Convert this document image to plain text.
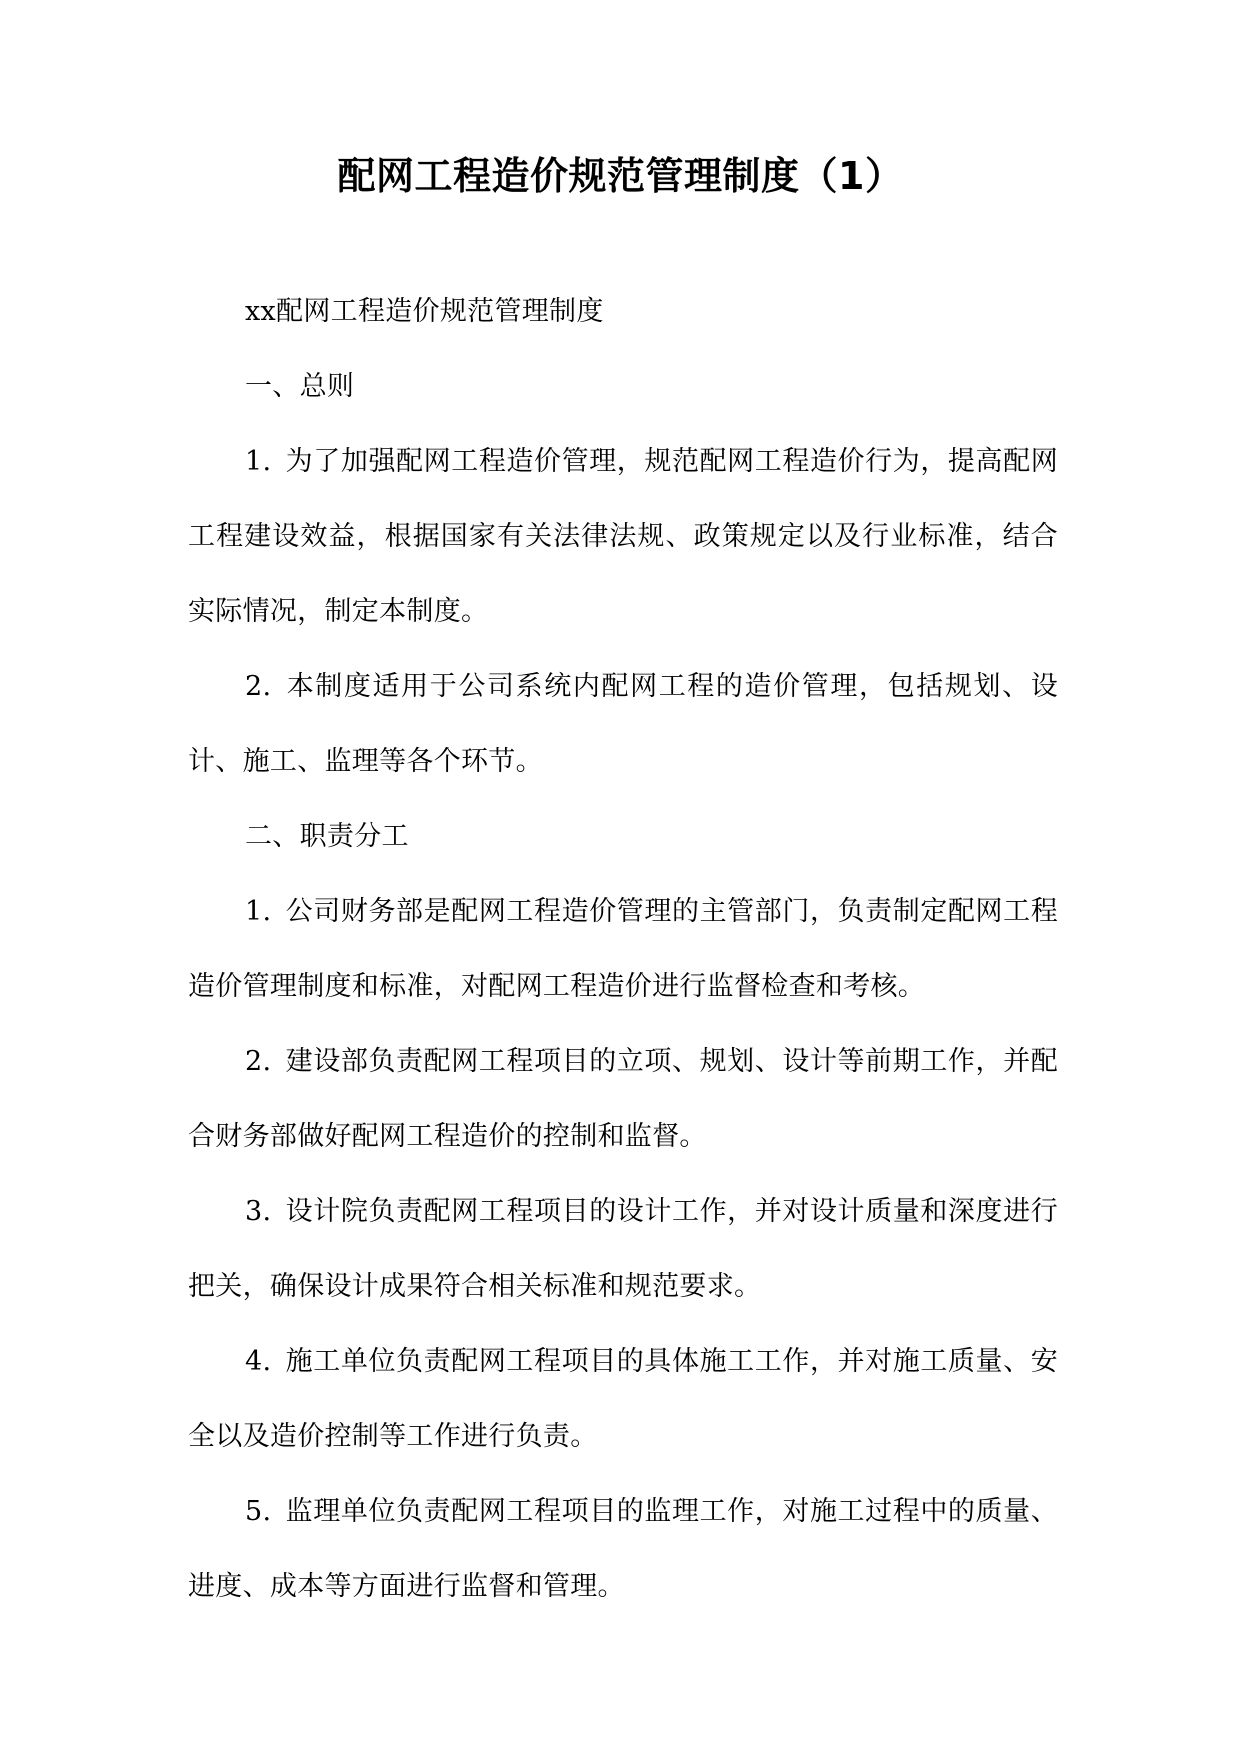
配网工程造价规范管理制度（1）

xx配网工程造价规范管理制度

一、总则

1. 为了加强配网工程造价管理，规范配网工程造价行为，提高配网工程建设效益，根据国家有关法律法规、政策规定以及行业标准，结合实际情况，制定本制度。

2. 本制度适用于公司系统内配网工程的造价管理，包括规划、设计、施工、监理等各个环节。

二、职责分工

1. 公司财务部是配网工程造价管理的主管部门，负责制定配网工程造价管理制度和标准，对配网工程造价进行监督检查和考核。

2. 建设部负责配网工程项目的立项、规划、设计等前期工作，并配合财务部做好配网工程造价的控制和监督。

3. 设计院负责配网工程项目的设计工作，并对设计质量和深度进行把关，确保设计成果符合相关标准和规范要求。

4. 施工单位负责配网工程项目的具体施工工作，并对施工质量、安全以及造价控制等工作进行负责。

5. 监理单位负责配网工程项目的监理工作，对施工过程中的质量、进度、成本等方面进行监督和管理。
